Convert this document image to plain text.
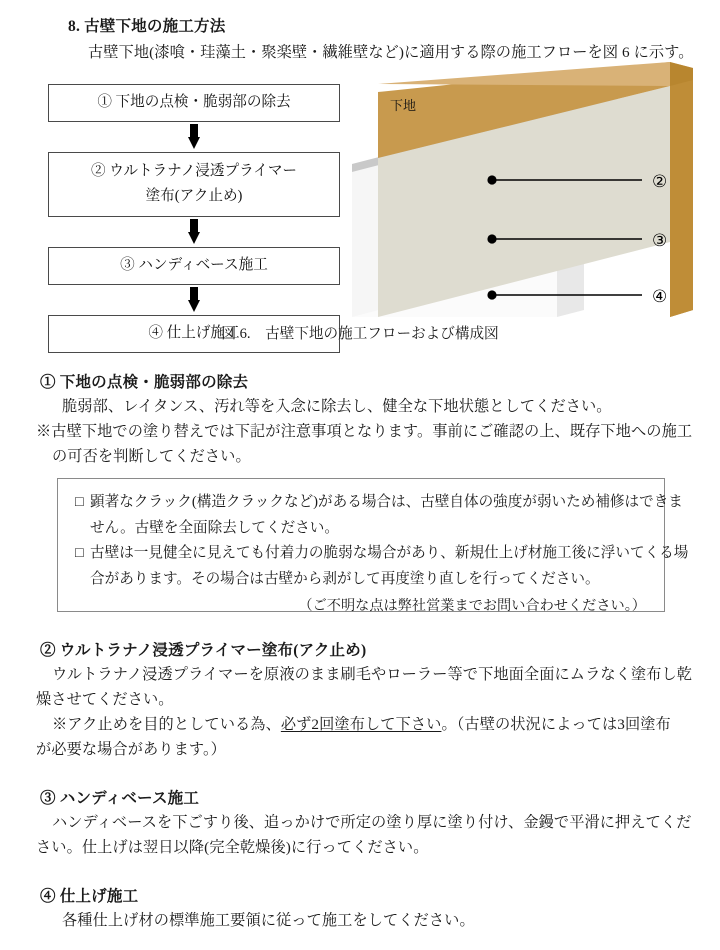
8. 古壁下地の施工方法
古壁下地(漆喰・珪藻土・聚楽壁・繊維壁など)に適用する際の施工フローを図 6 に示す。
① 下地の点検・脆弱部の除去
② ウルトラナノ浸透プライマー
塗布(アク止め)
③ ハンディベース施工
④ 仕上げ施工
下地
②
③
④
図 6.　古壁下地の施工フローおよび構成図
① 下地の点検・脆弱部の除去
脆弱部、レイタンス、汚れ等を入念に除去し、健全な下地状態としてください。
※古壁下地での塗り替えでは下記が注意事項となります。事前にご確認の上、既存下地への施工
の可否を判断してください。
□ 顕著なクラック(構造クラックなど)がある場合は、古壁自体の強度が弱いため補修はできま
せん。古壁を全面除去してください。
□ 古壁は一見健全に見えても付着力の脆弱な場合があり、新規仕上げ材施工後に浮いてくる場
合があります。その場合は古壁から剥がして再度塗り直しを行ってください。
（ご不明な点は弊社営業までお問い合わせください。）
② ウルトラナノ浸透プライマー塗布(アク止め)
ウルトラナノ浸透プライマーを原液のまま刷毛やローラー等で下地面全面にムラなく塗布し乾
燥させてください。
※アク止めを目的としている為、必ず2回塗布して下さい。（古壁の状況によっては3回塗布
が必要な場合があります。）
③ ハンディベース施工
ハンディベースを下ごすり後、追っかけで所定の塗り厚に塗り付け、金鏝で平滑に押えてくだ
さい。仕上げは翌日以降(完全乾燥後)に行ってください。
④ 仕上げ施工
各種仕上げ材の標準施工要領に従って施工をしてください。
